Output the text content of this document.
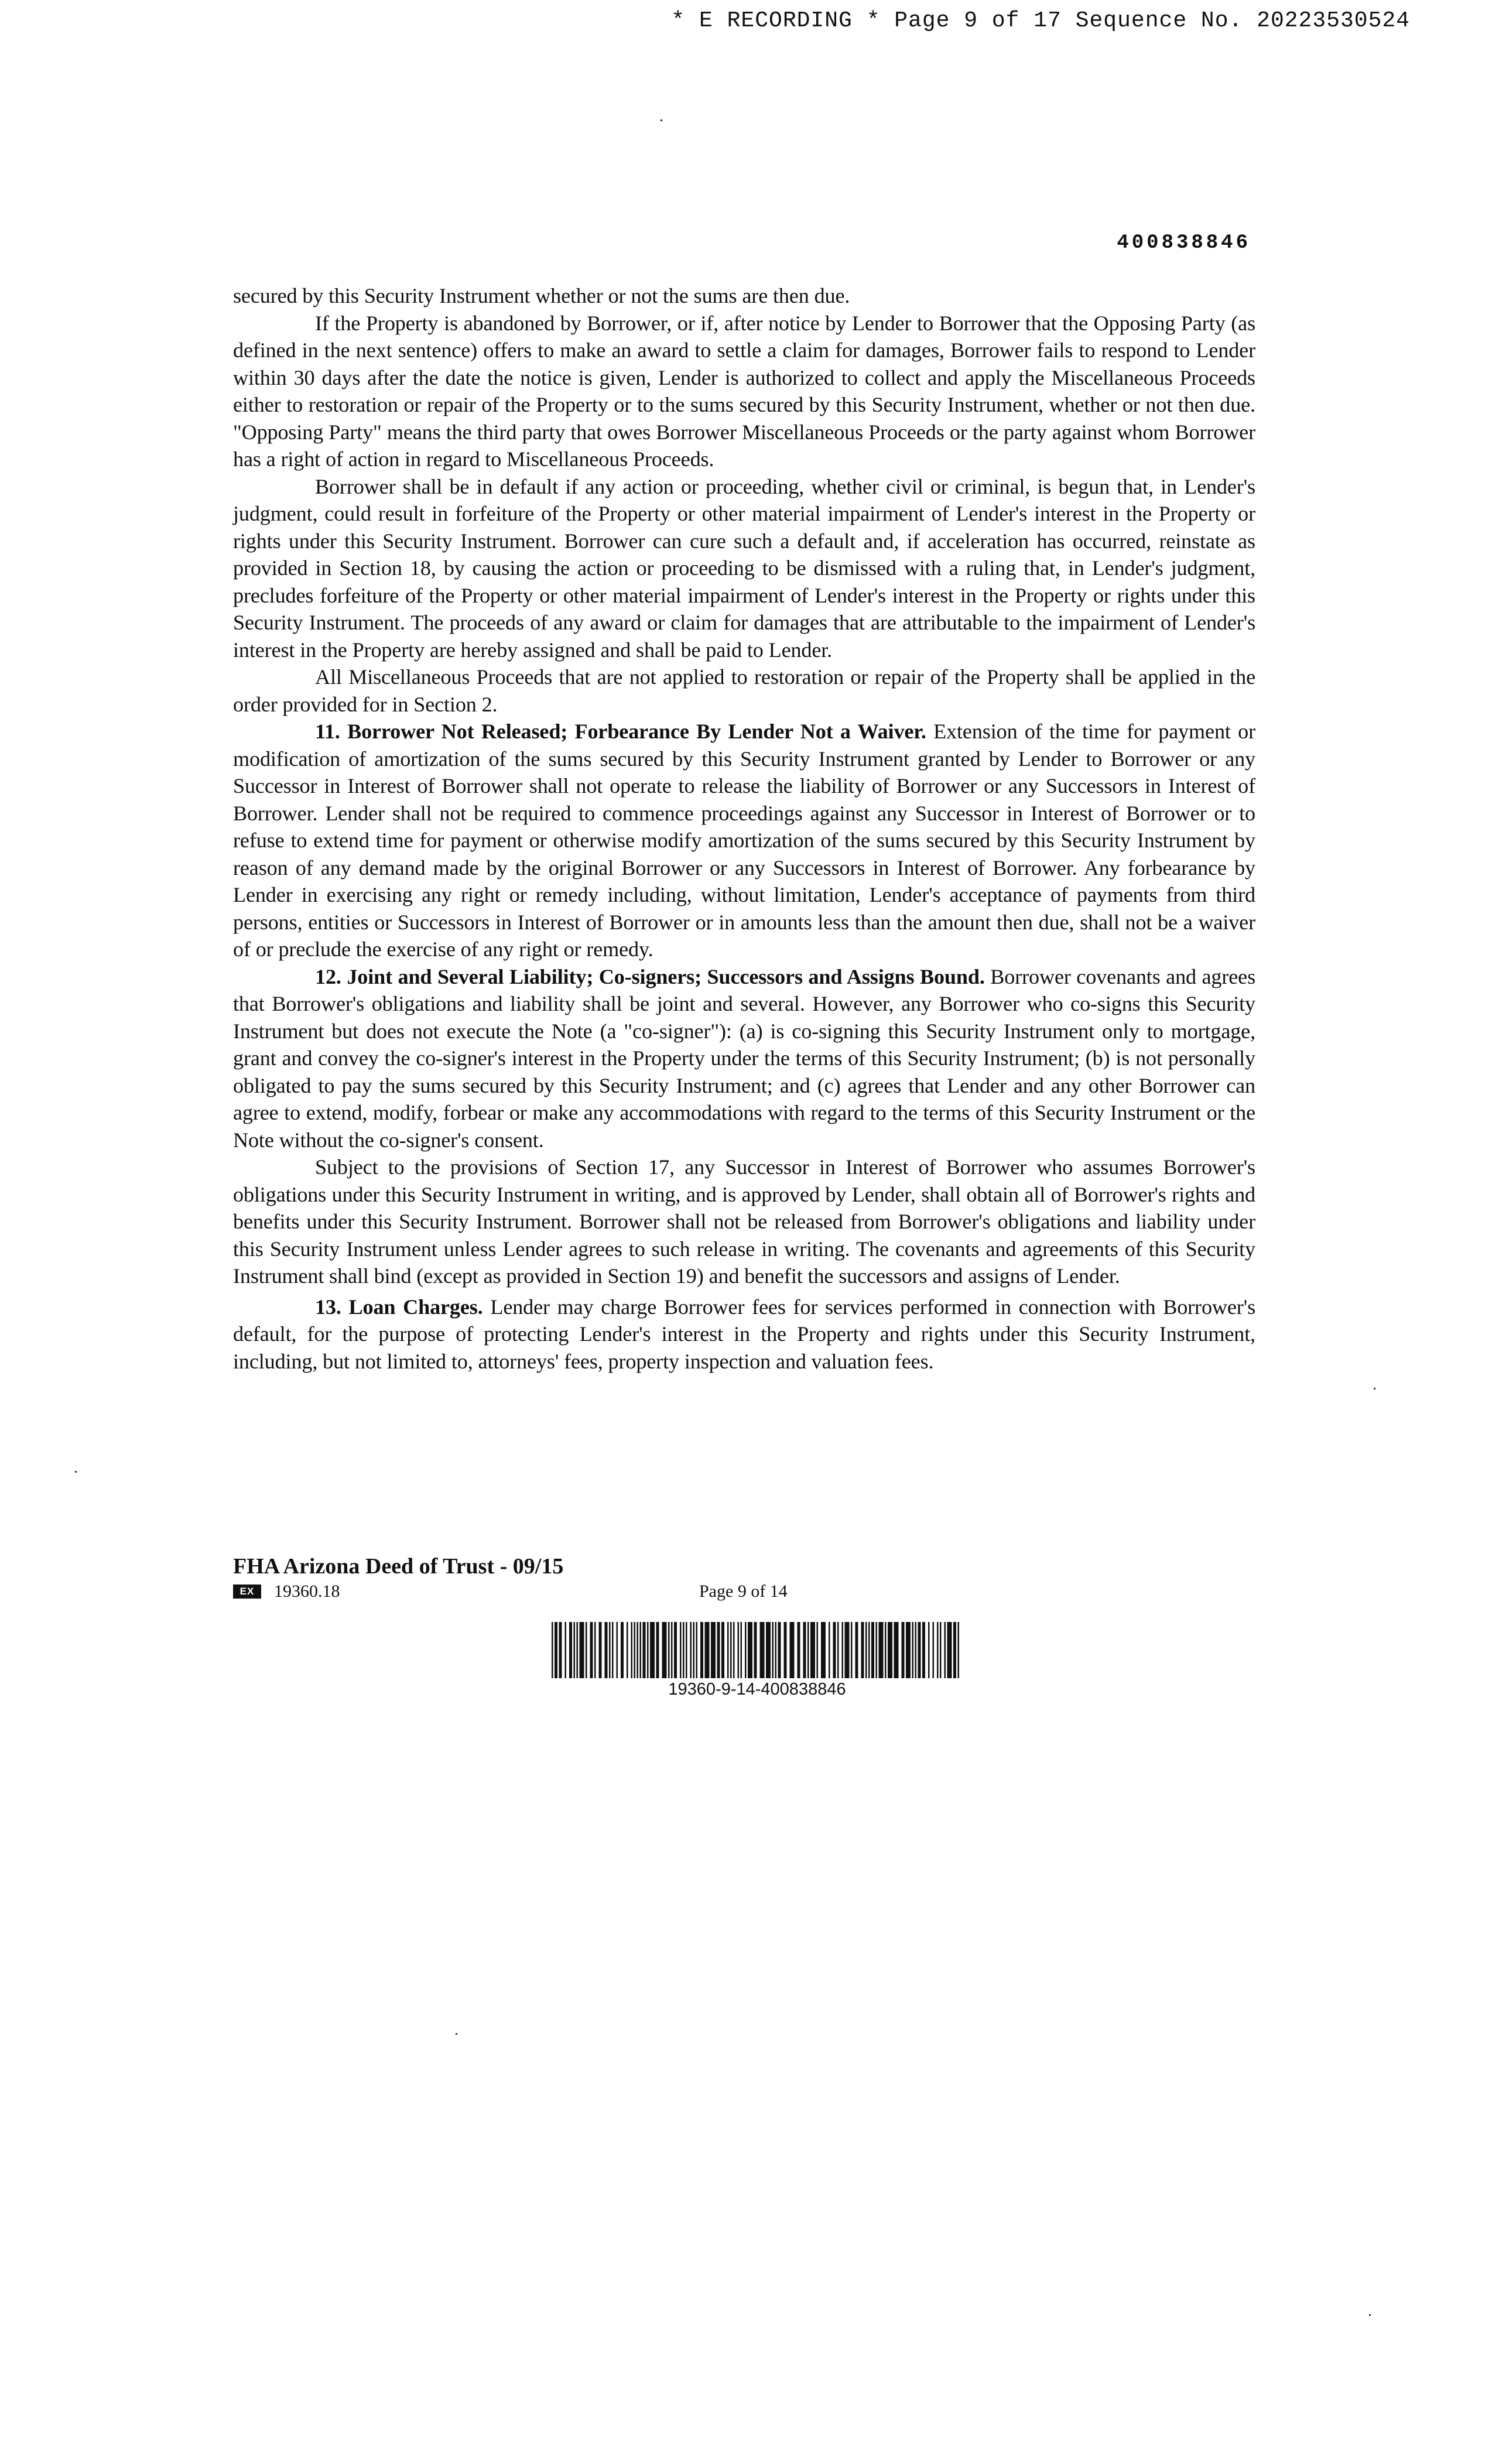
* E RECORDING * Page 9 of 17 Sequence No. 20223530524
400838846

secured by this Security Instrument whether or not the sums are then due.

If the Property is abandoned by Borrower, or if, after notice by Lender to Borrower that the Opposing Party (as defined in the next sentence) offers to make an award to settle a claim for damages, Borrower fails to respond to Lender within 30 days after the date the notice is given, Lender is authorized to collect and apply the Miscellaneous Proceeds either to restoration or repair of the Property or to the sums secured by this Security Instrument, whether or not then due. "Opposing Party" means the third party that owes Borrower Miscellaneous Proceeds or the party against whom Borrower has a right of action in regard to Miscellaneous Proceeds.

Borrower shall be in default if any action or proceeding, whether civil or criminal, is begun that, in Lender's judgment, could result in forfeiture of the Property or other material impairment of Lender's interest in the Property or rights under this Security Instrument. Borrower can cure such a default and, if acceleration has occurred, reinstate as provided in Section 18, by causing the action or proceeding to be dismissed with a ruling that, in Lender's judgment, precludes forfeiture of the Property or other material impairment of Lender's interest in the Property or rights under this Security Instrument. The proceeds of any award or claim for damages that are attributable to the impairment of Lender's interest in the Property are hereby assigned and shall be paid to Lender.

All Miscellaneous Proceeds that are not applied to restoration or repair of the Property shall be applied in the order provided for in Section 2.

11. Borrower Not Released; Forbearance By Lender Not a Waiver. Extension of the time for payment or modification of amortization of the sums secured by this Security Instrument granted by Lender to Borrower or any Successor in Interest of Borrower shall not operate to release the liability of Borrower or any Successors in Interest of Borrower. Lender shall not be required to commence proceedings against any Successor in Interest of Borrower or to refuse to extend time for payment or otherwise modify amortization of the sums secured by this Security Instrument by reason of any demand made by the original Borrower or any Successors in Interest of Borrower. Any forbearance by Lender in exercising any right or remedy including, without limitation, Lender's acceptance of payments from third persons, entities or Successors in Interest of Borrower or in amounts less than the amount then due, shall not be a waiver of or preclude the exercise of any right or remedy.

12. Joint and Several Liability; Co-signers; Successors and Assigns Bound. Borrower covenants and agrees that Borrower's obligations and liability shall be joint and several. However, any Borrower who co-signs this Security Instrument but does not execute the Note (a "co-signer"): (a) is co-signing this Security Instrument only to mortgage, grant and convey the co-signer's interest in the Property under the terms of this Security Instrument; (b) is not personally obligated to pay the sums secured by this Security Instrument; and (c) agrees that Lender and any other Borrower can agree to extend, modify, forbear or make any accommodations with regard to the terms of this Security Instrument or the Note without the co-signer's consent.

Subject to the provisions of Section 17, any Successor in Interest of Borrower who assumes Borrower's obligations under this Security Instrument in writing, and is approved by Lender, shall obtain all of Borrower's rights and benefits under this Security Instrument. Borrower shall not be released from Borrower's obligations and liability under this Security Instrument unless Lender agrees to such release in writing. The covenants and agreements of this Security Instrument shall bind (except as provided in Section 19) and benefit the successors and assigns of Lender.

13. Loan Charges. Lender may charge Borrower fees for services performed in connection with Borrower's default, for the purpose of protecting Lender's interest in the Property and rights under this Security Instrument, including, but not limited to, attorneys' fees, property inspection and valuation fees.

FHA Arizona Deed of Trust - 09/15
EX	19360.18	Page 9 of 14
19360-9-14-400838846
